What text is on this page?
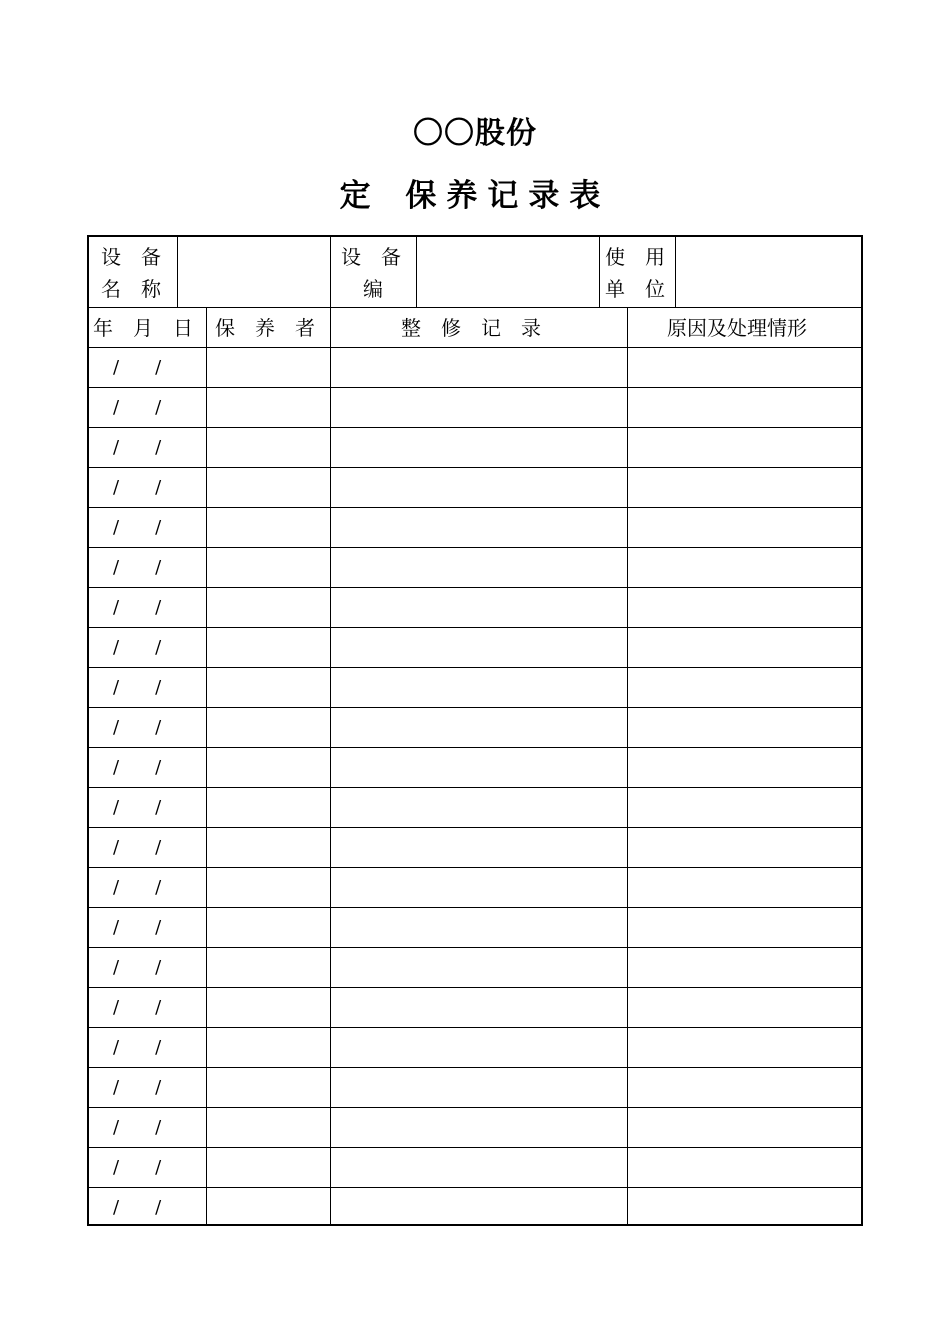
〇〇股份
定 保养记录表
设　备
名　称
设　备
编
使　用
单　位
年　月　日 保　养　者	整　修　记　录	原因及处理情形
/　　/
/　　/
/　　/
/　　/
/　　/
/　　/
/　　/
/　　/
/　　/
/　　/
/　　/
/　　/
/　　/
/　　/
/　　/
/　　/
/　　/
/　　/
/　　/
/　　/
/　　/
/　　/
